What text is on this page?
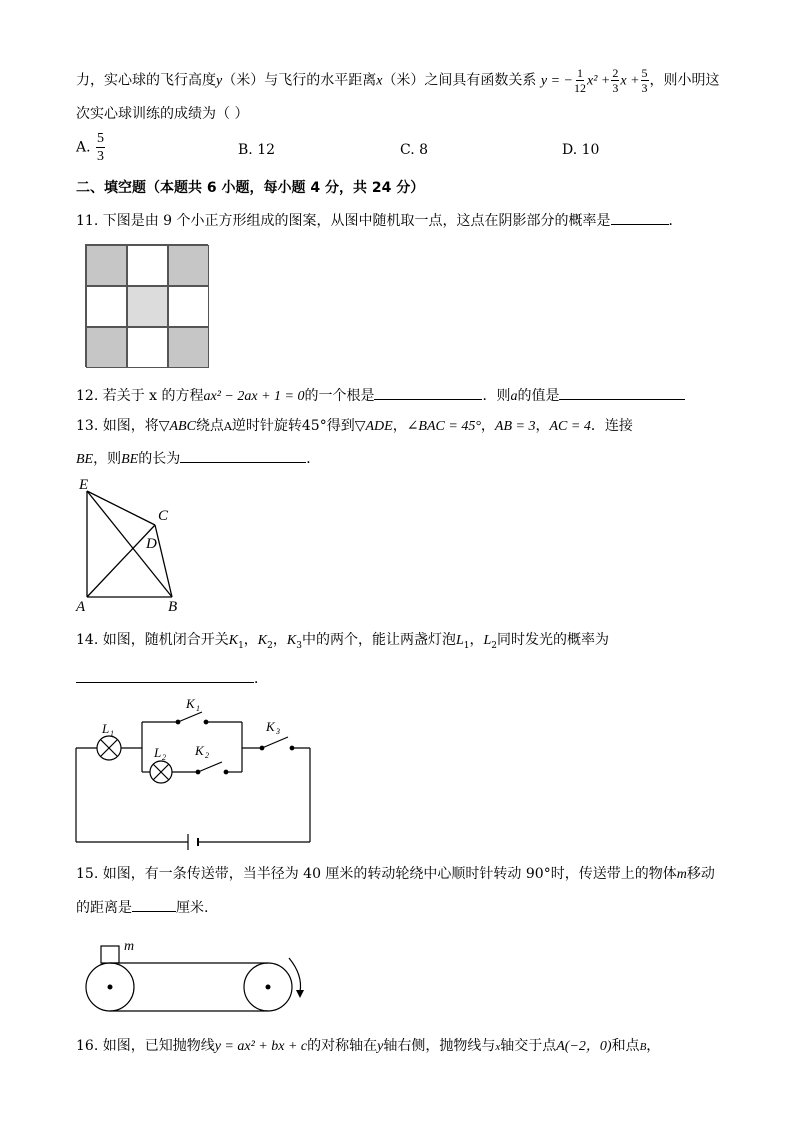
力，实心球的飞行高度y（米）与飞行的水平距离x（米）之间具有函数关系 y = − $\frac{1}{12} x^2 + \frac{2}{3}$ $x + \frac{5}{3}$ ，则小明这
次实心球训练的成绩为（ ）
A. $\frac{5}{3}$	B. 12	C. 8	D. 10
二、填空题（本题共 6 小题，每小题 4 分，共 24 分）
11. 下图是由 9 个小正方形组成的图案，从图中随机取一点，这点在阴影部分的概率是	．
12. 若关于 x 的方程ax² − 2ax + 1 = 0的一个根是	．则a的值是
13. 如图，将▽ABC绕点A逆时针旋转45°得到▽ADE，∠BAC = 45°，AB = 3，AC = 4．连接
BE，则BE的长为	．
E
C
D
A	B
14. 如图，随机闭合开关$K_1$，$K_2$，$K_3$中的两个，能让两盏灯泡$L_1$，$L_2$同时发光的概率为
．
L 1
L 2
K 1
K 2
K 3
15. 如图，有一条传送带，当半径为 40 厘米的转动轮绕中心顺时针转动 90°时，传送带上的物体m移动
的距离是	厘米.
m
16. 如图，已知抛物线y = ax² + bx + c的对称轴在y轴右侧，抛物线与x轴交于点A(−2，0)和点B，
